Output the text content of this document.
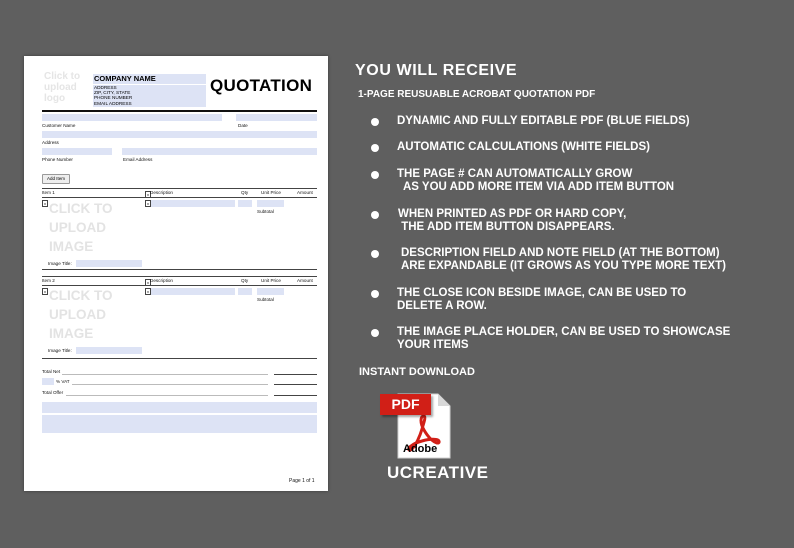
Click to upload logo
COMPANY NAME
ADDRESS
ZIP, CITY, STATE
PHONE NUMBER
EMAIL ADDRESS
QUOTATION
Customer Name	Date
Address
Phone Number	Email Address
Add Item
Item 1	x Description	Qty	Unit Price	Amount
x	x
Subtotal
CLICK TO
UPLOAD
IMAGE
Image Title:
Item 2	x Description	Qty	Unit Price	Amount
x	x
Subtotal
CLICK TO
UPLOAD
IMAGE
Image Title:
Total Net
% VAT
Total Offer
Page 1 of 1
YOU WILL RECEIVE
1-PAGE REUSUABLE ACROBAT QUOTATION PDF
DYNAMIC AND FULLY EDITABLE PDF (BLUE FIELDS)
AUTOMATIC CALCULATIONS (WHITE FIELDS)
THE PAGE # CAN AUTOMATICALLY GROW
AS YOU ADD MORE ITEM VIA ADD ITEM BUTTON
WHEN PRINTED AS PDF OR HARD COPY,
THE ADD ITEM BUTTON DISAPPEARS.
DESCRIPTION FIELD AND NOTE FIELD (AT THE BOTTOM)
ARE EXPANDABLE (IT GROWS AS YOU TYPE MORE TEXT)
THE CLOSE ICON BESIDE IMAGE, CAN BE USED TO
DELETE A ROW.
THE IMAGE PLACE HOLDER, CAN BE USED TO SHOWCASE
YOUR ITEMS
INSTANT DOWNLOAD
PDF
Adobe
UCREATIVE
